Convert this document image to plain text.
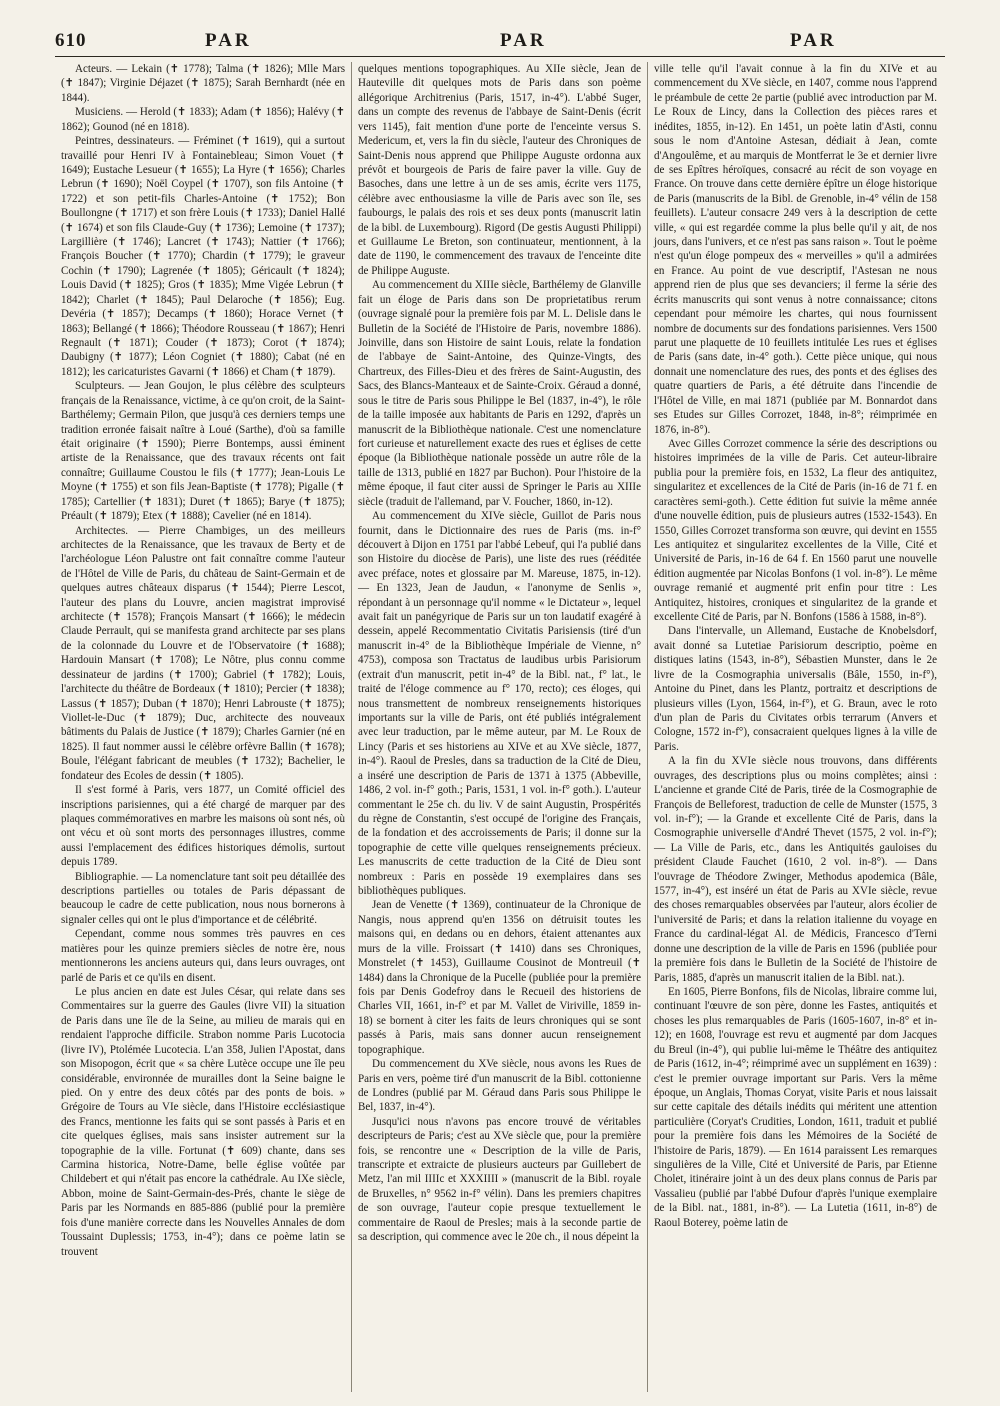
610	PAR	PAR	PAR

Acteurs. — Lekain (✝ 1778); Talma (✝ 1826); Mlle Mars (✝ 1847); Virginie Déjazet (✝ 1875); Sarah Bernhardt (née en 1844).

Musiciens. — Herold (✝ 1833); Adam (✝ 1856); Halévy (✝ 1862); Gounod (né en 1818).

Peintres, dessinateurs. — Fréminet (✝ 1619), qui a surtout travaillé pour Henri IV à Fontainebleau; Simon Vouet (✝ 1649); Eustache Lesueur (✝ 1655); La Hyre (✝ 1656); Charles Lebrun (✝ 1690); Noël Coypel (✝ 1707), son fils Antoine (✝ 1722) et son petit-fils Charles-Antoine (✝ 1752); Bon Boullongne (✝ 1717) et son frère Louis (✝ 1733); Daniel Hallé (✝ 1674) et son fils Claude-Guy (✝ 1736); Lemoine (✝ 1737); Largillière (✝ 1746); Lancret (✝ 1743); Nattier (✝ 1766); François Boucher (✝ 1770); Chardin (✝ 1779); le graveur Cochin (✝ 1790); Lagrenée (✝ 1805); Géricault (✝ 1824); Louis David (✝ 1825); Gros (✝ 1835); Mme Vigée Lebrun (✝ 1842); Charlet (✝ 1845); Paul Delaroche (✝ 1856); Eug. Devéria (✝ 1857); Decamps (✝ 1860); Horace Vernet (✝ 1863); Bellangé (✝ 1866); Théodore Rousseau (✝ 1867); Henri Regnault (✝ 1871); Couder (✝ 1873); Corot (✝ 1874); Daubigny (✝ 1877); Léon Cogniet (✝ 1880); Cabat (né en 1812); les caricaturistes Gavarni (✝ 1866) et Cham (✝ 1879).

Sculpteurs. — Jean Goujon, le plus célèbre des sculpteurs français de la Renaissance, victime, à ce qu'on croit, de la Saint-Barthélemy; Germain Pilon, que jusqu'à ces derniers temps une tradition erronée faisait naître à Loué (Sarthe), d'où sa famille était originaire (✝ 1590); Pierre Bontemps, aussi éminent artiste de la Renaissance, que des travaux récents ont fait connaître; Guillaume Coustou le fils (✝ 1777); Jean-Louis Le Moyne (✝ 1755) et son fils Jean-Baptiste (✝ 1778); Pigalle (✝ 1785); Cartellier (✝ 1831); Duret (✝ 1865); Barye (✝ 1875); Préault (✝ 1879); Etex (✝ 1888); Cavelier (né en 1814).

Architectes. — Pierre Chambiges, un des meilleurs architectes de la Renaissance, que les travaux de Berty et de l'archéologue Léon Palustre ont fait connaître comme l'auteur de l'Hôtel de Ville de Paris, du château de Saint-Germain et de quelques autres châteaux disparus (✝ 1544); Pierre Lescot, l'auteur des plans du Louvre, ancien magistrat improvisé architecte (✝ 1578); François Mansart (✝ 1666); le médecin Claude Perrault, qui se manifesta grand architecte par ses plans de la colonnade du Louvre et de l'Observatoire (✝ 1688); Hardouin Mansart (✝ 1708); Le Nôtre, plus connu comme dessinateur de jardins (✝ 1700); Gabriel (✝ 1782); Louis, l'architecte du théâtre de Bordeaux (✝ 1810); Percier (✝ 1838); Lassus (✝ 1857); Duban (✝ 1870); Henri Labrouste (✝ 1875); Viollet-le-Duc (✝ 1879); Duc, architecte des nouveaux bâtiments du Palais de Justice (✝ 1879); Charles Garnier (né en 1825). Il faut nommer aussi le célèbre orfèvre Ballin (✝ 1678); Boule, l'élégant fabricant de meubles (✝ 1732); Bachelier, le fondateur des Ecoles de dessin (✝ 1805).

Il s'est formé à Paris, vers 1877, un Comité officiel des inscriptions parisiennes, qui a été chargé de marquer par des plaques commémoratives en marbre les maisons où sont nés, où ont vécu et où sont morts des personnages illustres, comme aussi l'emplacement des édifices historiques démolis, surtout depuis 1789.

Bibliographie. — La nomenclature tant soit peu détaillée des descriptions partielles ou totales de Paris dépassant de beaucoup le cadre de cette publication, nous nous bornerons à signaler celles qui ont le plus d'importance et de célébrité.

Cependant, comme nous sommes très pauvres en ces matières pour les quinze premiers siècles de notre ère, nous mentionnerons les anciens auteurs qui, dans leurs ouvrages, ont parlé de Paris et ce qu'ils en disent.

Le plus ancien en date est Jules César, qui relate dans ses Commentaires sur la guerre des Gaules (livre VII) la situation de Paris dans une île de la Seine, au milieu de marais qui en rendaient l'approche difficile. Strabon nomme Paris Lucotocia (livre IV), Ptolémée Lucotecia. L'an 358, Julien l'Apostat, dans son Misopogon, écrit que « sa chère Lutèce occupe une île peu considérable, environnée de murailles dont la Seine baigne le pied. On y entre des deux côtés par des ponts de bois. » Grégoire de Tours au VIe siècle, dans l'Histoire ecclésiastique des Francs, mentionne les faits qui se sont passés à Paris et en cite quelques églises, mais sans insister autrement sur la topographie de la ville. Fortunat (✝ 609) chante, dans ses Carmina historica, Notre-Dame, belle église voûtée par Childebert et qui n'était pas encore la cathédrale. Au IXe siècle, Abbon, moine de Saint-Germain-des-Prés, chante le siège de Paris par les Normands en 885-886 (publié pour la première fois d'une manière correcte dans les Nouvelles Annales de dom Toussaint Duplessis; 1753, in-4°); dans ce poème latin se trouvent

quelques mentions topographiques. Au XIIe siècle, Jean de Hauteville dit quelques mots de Paris dans son poème allégorique Architrenius (Paris, 1517, in-4°). L'abbé Suger, dans un compte des revenus de l'abbaye de Saint-Denis (écrit vers 1145), fait mention d'une porte de l'enceinte versus S. Medericum, et, vers la fin du siècle, l'auteur des Chroniques de Saint-Denis nous apprend que Philippe Auguste ordonna aux prévôt et bourgeois de Paris de faire paver la ville. Guy de Basoches, dans une lettre à un de ses amis, écrite vers 1175, célèbre avec enthousiasme la ville de Paris avec son île, ses faubourgs, le palais des rois et ses deux ponts (manuscrit latin de la bibl. de Luxembourg). Rigord (De gestis Augusti Philippi) et Guillaume Le Breton, son continuateur, mentionnent, à la date de 1190, le commencement des travaux de l'enceinte dite de Philippe Auguste.

Au commencement du XIIIe siècle, Barthélemy de Glanville fait un éloge de Paris dans son De proprietatibus rerum (ouvrage signalé pour la première fois par M. L. Delisle dans le Bulletin de la Société de l'Histoire de Paris, novembre 1886). Joinville, dans son Histoire de saint Louis, relate la fondation de l'abbaye de Saint-Antoine, des Quinze-Vingts, des Chartreux, des Filles-Dieu et des frères de Saint-Augustin, des Sacs, des Blancs-Manteaux et de Sainte-Croix. Géraud a donné, sous le titre de Paris sous Philippe le Bel (1837, in-4°), le rôle de la taille imposée aux habitants de Paris en 1292, d'après un manuscrit de la Bibliothèque nationale. C'est une nomenclature fort curieuse et naturellement exacte des rues et églises de cette époque (la Bibliothèque nationale possède un autre rôle de la taille de 1313, publié en 1827 par Buchon). Pour l'histoire de la même époque, il faut citer aussi de Springer le Paris au XIIIe siècle (traduit de l'allemand, par V. Foucher, 1860, in-12).

Au commencement du XIVe siècle, Guillot de Paris nous fournit, dans le Dictionnaire des rues de Paris (ms. in-f° découvert à Dijon en 1751 par l'abbé Lebeuf, qui l'a publié dans son Histoire du diocèse de Paris), une liste des rues (rééditée avec préface, notes et glossaire par M. Mareuse, 1875, in-12). — En 1323, Jean de Jaudun, « l'anonyme de Senlis », répondant à un personnage qu'il nomme « le Dictateur », lequel avait fait un panégyrique de Paris sur un ton laudatif exagéré à dessein, appelé Recommentatio Civitatis Parisiensis (tiré d'un manuscrit in-4° de la Bibliothèque Impériale de Vienne, n° 4753), composa son Tractatus de laudibus urbis Parisiorum (extrait d'un manuscrit, petit in-4° de la Bibl. nat., f° lat., le traité de l'éloge commence au f° 170, recto); ces éloges, qui nous transmettent de nombreux renseignements historiques importants sur la ville de Paris, ont été publiés intégralement avec leur traduction, par le même auteur, par M. Le Roux de Lincy (Paris et ses historiens au XIVe et au XVe siècle, 1877, in-4°). Raoul de Presles, dans sa traduction de la Cité de Dieu, a inséré une description de Paris de 1371 à 1375 (Abbeville, 1486, 2 vol. in-f° goth.; Paris, 1531, 1 vol. in-f° goth.). L'auteur commentant le 25e ch. du liv. V de saint Augustin, Prospérités du règne de Constantin, s'est occupé de l'origine des Français, de la fondation et des accroissements de Paris; il donne sur la topographie de cette ville quelques renseignements précieux. Les manuscrits de cette traduction de la Cité de Dieu sont nombreux : Paris en possède 19 exemplaires dans ses bibliothèques publiques.

Jean de Venette (✝ 1369), continuateur de la Chronique de Nangis, nous apprend qu'en 1356 on détruisit toutes les maisons qui, en dedans ou en dehors, étaient attenantes aux murs de la ville. Froissart (✝ 1410) dans ses Chroniques, Monstrelet (✝ 1453), Guillaume Cousinot de Montreuil (✝ 1484) dans la Chronique de la Pucelle (publiée pour la première fois par Denis Godefroy dans le Recueil des historiens de Charles VII, 1661, in-f° et par M. Vallet de Viriville, 1859 in-18) se bornent à citer les faits de leurs chroniques qui se sont passés à Paris, mais sans donner aucun renseignement topographique.

Du commencement du XVe siècle, nous avons les Rues de Paris en vers, poème tiré d'un manuscrit de la Bibl. cottonienne de Londres (publié par M. Géraud dans Paris sous Philippe le Bel, 1837, in-4°).

Jusqu'ici nous n'avons pas encore trouvé de véritables descripteurs de Paris; c'est au XVe siècle que, pour la première fois, se rencontre une « Description de la ville de Paris, transcripte et extraicte de plusieurs aucteurs par Guillebert de Metz, l'an mil IIIIc et XXXIIII » (manuscrit de la Bibl. royale de Bruxelles, n° 9562 in-f° vélin). Dans les premiers chapitres de son ouvrage, l'auteur copie presque textuellement le commentaire de Raoul de Presles; mais à la seconde partie de sa description, qui commence avec le 20e ch., il nous dépeint la

ville telle qu'il l'avait connue à la fin du XIVe et au commencement du XVe siècle, en 1407, comme nous l'apprend le préambule de cette 2e partie (publié avec introduction par M. Le Roux de Lincy, dans la Collection des pièces rares et inédites, 1855, in-12). En 1451, un poète latin d'Asti, connu sous le nom d'Antoine Astesan, dédiait à Jean, comte d'Angoulême, et au marquis de Montferrat le 3e et dernier livre de ses Epîtres héroïques, consacré au récit de son voyage en France. On trouve dans cette dernière épître un éloge historique de Paris (manuscrits de la Bibl. de Grenoble, in-4° vélin de 158 feuillets). L'auteur consacre 249 vers à la description de cette ville, « qui est regardée comme la plus belle qu'il y ait, de nos jours, dans l'univers, et ce n'est pas sans raison ». Tout le poème n'est qu'un éloge pompeux des « merveilles » qu'il a admirées en France. Au point de vue descriptif, l'Astesan ne nous apprend rien de plus que ses devanciers; il ferme la série des écrits manuscrits qui sont venus à notre connaissance; citons cependant pour mémoire les chartes, qui nous fournissent nombre de documents sur des fondations parisiennes. Vers 1500 parut une plaquette de 10 feuillets intitulée Les rues et églises de Paris (sans date, in-4° goth.). Cette pièce unique, qui nous donnait une nomenclature des rues, des ponts et des églises des quatre quartiers de Paris, a été détruite dans l'incendie de l'Hôtel de Ville, en mai 1871 (publiée par M. Bonnardot dans ses Etudes sur Gilles Corrozet, 1848, in-8°; réimprimée en 1876, in-8°).

Avec Gilles Corrozet commence la série des descriptions ou histoires imprimées de la ville de Paris. Cet auteur-libraire publia pour la première fois, en 1532, La fleur des antiquitez, singularitez et excellences de la Cité de Paris (in-16 de 71 f. en caractères semi-goth.). Cette édition fut suivie la même année d'une nouvelle édition, puis de plusieurs autres (1532-1543). En 1550, Gilles Corrozet transforma son œuvre, qui devint en 1555 Les antiquitez et singularitez excellentes de la Ville, Cité et Université de Paris, in-16 de 64 f. En 1560 parut une nouvelle édition augmentée par Nicolas Bonfons (1 vol. in-8°). Le même ouvrage remanié et augmenté prit enfin pour titre : Les Antiquitez, histoires, croniques et singularitez de la grande et excellente Cité de Paris, par N. Bonfons (1586 à 1588, in-8°).

Dans l'intervalle, un Allemand, Eustache de Knobelsdorf, avait donné sa Lutetiae Parisiorum descriptio, poème en distiques latins (1543, in-8°), Sébastien Munster, dans le 2e livre de la Cosmographia universalis (Bâle, 1550, in-f°), Antoine du Pinet, dans les Plantz, portraitz et descriptions de plusieurs villes (Lyon, 1564, in-f°), et G. Braun, avec le roto d'un plan de Paris du Civitates orbis terrarum (Anvers et Cologne, 1572 in-f°), consacraient quelques lignes à la ville de Paris.

A la fin du XVIe siècle nous trouvons, dans différents ouvrages, des descriptions plus ou moins complètes; ainsi : L'ancienne et grande Cité de Paris, tirée de la Cosmographie de François de Belleforest, traduction de celle de Munster (1575, 3 vol. in-f°); — la Grande et excellente Cité de Paris, dans la Cosmographie universelle d'André Thevet (1575, 2 vol. in-f°); — La Ville de Paris, etc., dans les Antiquités gauloises du président Claude Fauchet (1610, 2 vol. in-8°). — Dans l'ouvrage de Théodore Zwinger, Methodus apodemica (Bâle, 1577, in-4°), est inséré un état de Paris au XVIe siècle, revue des choses remarquables observées par l'auteur, alors écolier de l'université de Paris; et dans la relation italienne du voyage en France du cardinal-légat Al. de Médicis, Francesco d'Terni donne une description de la ville de Paris en 1596 (publiée pour la première fois dans le Bulletin de la Société de l'histoire de Paris, 1885, d'après un manuscrit italien de la Bibl. nat.).

En 1605, Pierre Bonfons, fils de Nicolas, libraire comme lui, continuant l'œuvre de son père, donne les Fastes, antiquités et choses les plus remarquables de Paris (1605-1607, in-8° et in-12); en 1608, l'ouvrage est revu et augmenté par dom Jacques du Breul (in-4°), qui publie lui-même le Théâtre des antiquitez de Paris (1612, in-4°; réimprimé avec un supplément en 1639) : c'est le premier ouvrage important sur Paris. Vers la même époque, un Anglais, Thomas Coryat, visite Paris et nous laissait sur cette capitale des détails inédits qui méritent une attention particulière (Coryat's Crudities, London, 1611, traduit et publié pour la première fois dans les Mémoires de la Société de l'histoire de Paris, 1879). — En 1614 paraissent Les remarques singulières de la Ville, Cité et Université de Paris, par Etienne Cholet, itinéraire joint à un des deux plans connus de Paris par Vassalieu (publié par l'abbé Dufour d'après l'unique exemplaire de la Bibl. nat., 1881, in-8°). — La Lutetia (1611, in-8°) de Raoul Boterey, poème latin de
